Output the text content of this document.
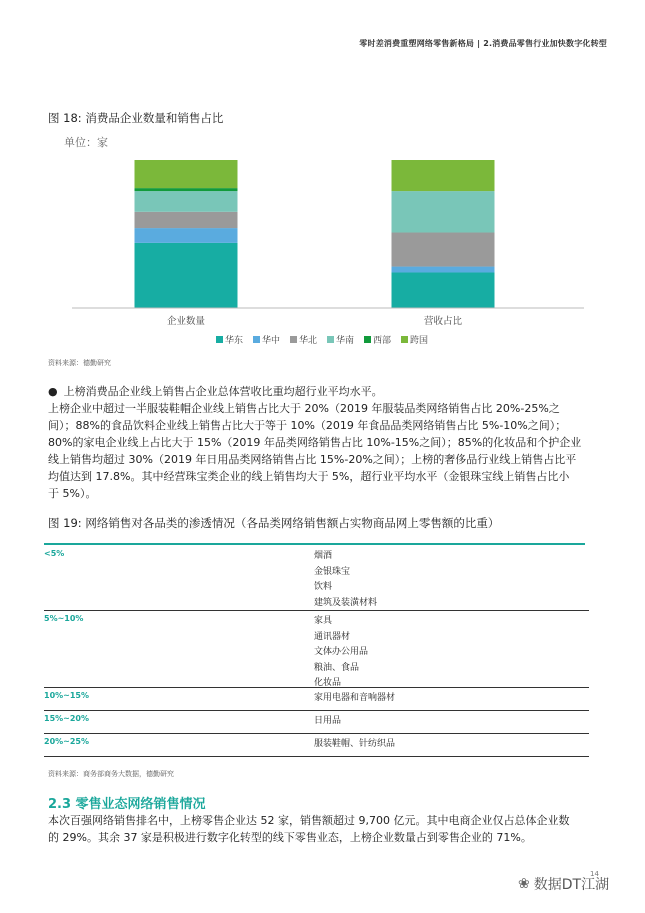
零时差消费重塑网络零售新格局 | 2.消费品零售行业加快数字化转型
图 18: 消费品企业数量和销售占比
单位：家
企业数量	营收占比
华东 华中 华北 华南 西部 跨国
资料来源：德勤研究
● 上榜消费品企业线上销售占企业总体营收比重均超行业平均水平。
上榜企业中超过一半服装鞋帽企业线上销售占比大于 20%（2019 年服装品类网络销售占比 20%-25%之
间）；88%的食品饮料企业线上销售占比大于等于 10%（2019 年食品品类网络销售占比 5%-10%之间）；
80%的家电企业线上占比大于 15%（2019 年品类网络销售占比 10%-15%之间）；85%的化妆品和个护企业
线上销售均超过 30%（2019 年日用品类网络销售占比 15%-20%之间）；上榜的奢侈品行业线上销售占比平
均值达到 17.8%。其中经营珠宝类企业的线上销售均大于 5%，超行业平均水平（金银珠宝线上销售占比小
于 5%）。
图 19: 网络销售对各品类的渗透情况（各品类网络销售额占实物商品网上零售额的比重）
<5%	烟酒
金银珠宝
饮料
建筑及装潢材料
5%~10%	家具
通讯器材
文体办公用品
粮油、食品
化妆品
10%~15%	家用电器和音响器材
15%~20%	日用品
20%~25%	服装鞋帽、针纺织品
资料来源：商务部商务大数据，德勤研究
2.3 零售业态网络销售情况
本次百强网络销售排名中，上榜零售企业达 52 家，销售额超过 9,700 亿元。其中电商企业仅占总体企业数
的 29%。其余 37 家是积极进行数字化转型的线下零售业态，上榜企业数量占到零售企业的 71%。
❀ 数据DT江湖
14
